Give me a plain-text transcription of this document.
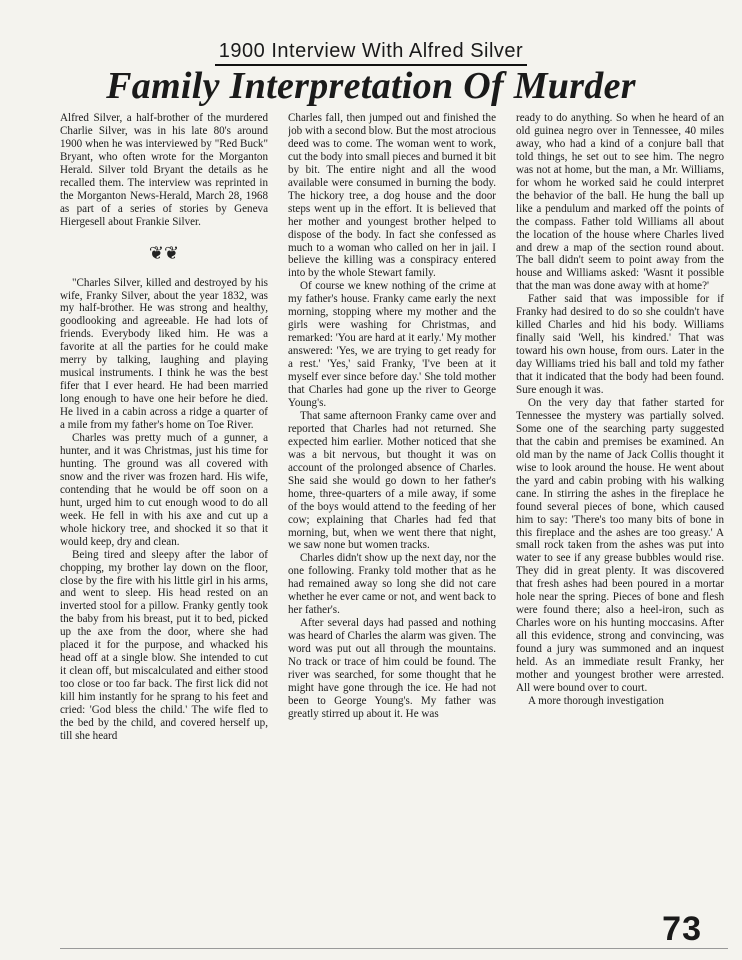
1900 Interview With Alfred Silver
Family Interpretation Of Murder

Alfred Silver, a half-brother of the murdered Charlie Silver, was in his late 80's around 1900 when he was interviewed by "Red Buck" Bryant, who often wrote for the Morganton Herald. Silver told Bryant the details as he recalled them. The interview was reprinted in the Morganton News-Herald, March 28, 1968 as part of a series of stories by Geneva Hiergesell about Frankie Silver.

❦❦

"Charles Silver, killed and destroyed by his wife, Franky Silver, about the year 1832, was my half-brother. He was strong and healthy, goodlooking and agreeable. He had lots of friends. Everybody liked him. He was a favorite at all the parties for he could make merry by talking, laughing and playing musical instruments. I think he was the best fifer that I ever heard. He had been married long enough to have one heir before he died. He lived in a cabin across a ridge a quarter of a mile from my father's home on Toe River.

Charles was pretty much of a gunner, a hunter, and it was Christmas, just his time for hunting. The ground was all covered with snow and the river was frozen hard. His wife, contending that he would be off soon on a hunt, urged him to cut enough wood to do all week. He fell in with his axe and cut up a whole hickory tree, and shocked it so that it would keep, dry and clean.

Being tired and sleepy after the labor of chopping, my brother lay down on the floor, close by the fire with his little girl in his arms, and went to sleep. His head rested on an inverted stool for a pillow. Franky gently took the baby from his breast, put it to bed, picked up the axe from the door, where she had placed it for the purpose, and whacked his head off at a single blow. She intended to cut it clean off, but miscalculated and either stood too close or too far back. The first lick did not kill him instantly for he sprang to his feet and cried: 'God bless the child.' The wife fled to the bed by the child, and covered herself up, till she heard

Charles fall, then jumped out and finished the job with a second blow. But the most atrocious deed was to come. The woman went to work, cut the body into small pieces and burned it bit by bit. The entire night and all the wood available were consumed in burning the body. The hickory tree, a dog house and the door steps went up in the effort. It is believed that her mother and youngest brother helped to dispose of the body. In fact she confessed as much to a woman who called on her in jail. I believe the killing was a conspiracy entered into by the whole Stewart family.

Of course we knew nothing of the crime at my father's house. Franky came early the next morning, stopping where my mother and the girls were washing for Christmas, and remarked: 'You are hard at it early.' My mother answered: 'Yes, we are trying to get ready for a rest.' 'Yes,' said Franky, 'I've been at it myself ever since before day.' She told mother that Charles had gone up the river to George Young's.

That same afternoon Franky came over and reported that Charles had not returned. She expected him earlier. Mother noticed that she was a bit nervous, but thought it was on account of the prolonged absence of Charles. She said she would go down to her father's home, three-quarters of a mile away, if some of the boys would attend to the feeding of her cow; explaining that Charles had fed that morning, but, when we went there that night, we saw none but women tracks.

Charles didn't show up the next day, nor the one following. Franky told mother that as he had remained away so long she did not care whether he ever came or not, and went back to her father's.

After several days had passed and nothing was heard of Charles the alarm was given. The word was put out all through the mountains. No track or trace of him could be found. The river was searched, for some thought that he might have gone through the ice. He had not been to George Young's. My father was greatly stirred up about it. He was

ready to do anything. So when he heard of an old guinea negro over in Tennessee, 40 miles away, who had a kind of a conjure ball that told things, he set out to see him. The negro was not at home, but the man, a Mr. Williams, for whom he worked said he could interpret the behavior of the ball. He hung the ball up like a pendulum and marked off the points of the compass. Father told Williams all about the location of the house where Charles lived and drew a map of the section round about. The ball didn't seem to point away from the house and Williams asked: 'Wasnt it possible that the man was done away with at home?'

Father said that was impossible for if Franky had desired to do so she couldn't have killed Charles and hid his body. Williams finally said 'Well, his kindred.' That was toward his own house, from ours. Later in the day Williams tried his ball and told my father that it indicated that the body had been found. Sure enough it was.

On the very day that father started for Tennessee the mystery was partially solved. Some one of the searching party suggested that the cabin and premises be examined. An old man by the name of Jack Collis thought it wise to look around the house. He went about the yard and cabin probing with his walking cane. In stirring the ashes in the fireplace he found several pieces of bone, which caused him to say: 'There's too many bits of bone in this fireplace and the ashes are too greasy.' A small rock taken from the ashes was put into water to see if any grease bubbles would rise. They did in great plenty. It was discovered that fresh ashes had been poured in a mortar hole near the spring. Pieces of bone and flesh were found there; also a heel-iron, such as Charles wore on his hunting moccasins. After all this evidence, strong and convincing, was found a jury was summoned and an inquest held. As an immediate result Franky, her mother and youngest brother were arrested. All were bound over to court.

A more thorough investigation

73
